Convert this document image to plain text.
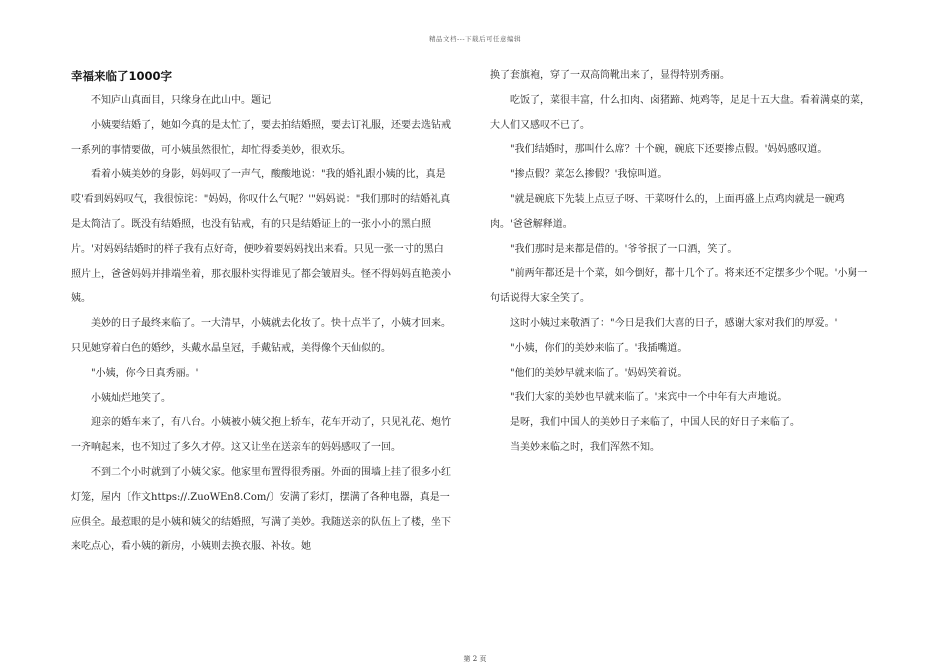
精品文档---下载后可任意编辑
幸福来临了1000字

不知庐山真面目，只缘身在此山中。题记

小姨要结婚了，她如今真的是太忙了，要去拍结婚照，要去订礼服，还要去选钻戒一系列的事情要做，可小姨虽然很忙，却忙得委美妙，很欢乐。

看着小姨美妙的身影，妈妈叹了一声气，酸酸地说："我的婚礼跟小姨的比，真是哎'看到妈妈叹气，我很惊诧："妈妈，你叹什么气呢？'"妈妈说："我们那时的结婚礼真是太简洁了。既没有结婚照，也没有钻戒，有的只是结婚证上的一张小小的黑白照片。'对妈妈结婚时的样子我有点好奇，便吵着要妈妈找出来看。只见一张一寸的黑白照片上，爸爸妈妈并排端坐着，那衣服朴实得谁见了都会皱眉头。怪不得妈妈直艳羡小姨。

美妙的日子最终来临了。一大清早，小姨就去化妆了。快十点半了，小姨才回来。只见她穿着白色的婚纱，头戴水晶皇冠，手戴钻戒，美得像个天仙似的。

"小姨，你今日真秀丽。'

小姨灿烂地笑了。

迎亲的婚车来了，有八台。小姨被小姨父抱上轿车，花车开动了，只见礼花、炮竹一齐响起来，也不知过了多久才停。这又让坐在送亲车的妈妈感叹了一回。

不到二个小时就到了小姨父家。他家里布置得很秀丽。外面的围墙上挂了很多小红灯笼，屋内〔作文https://.ZuoWEn8.Com/〕安满了彩灯，摆满了各种电器，真是一应俱全。最惹眼的是小姨和姨父的结婚照，写满了美妙。我随送亲的队伍上了楼，坐下来吃点心，看小姨的新房，小姨则去换衣服、补妆。她

换了套旗袍，穿了一双高筒靴出来了，显得特别秀丽。

吃饭了，菜很丰富，什么扣肉、卤猪蹄、炖鸡等，足足十五大盘。看着满桌的菜，大人们又感叹不已了。

"我们结婚时，那叫什么席？十个碗，碗底下还要掺点假。'妈妈感叹道。

"掺点假？菜怎么掺假？'我惊叫道。

"就是碗底下先装上点豆子呀、干菜呀什么的，上面再盛上点鸡肉就是一碗鸡肉。'爸爸解释道。

"我们那时是来都是借的。'爷爷抿了一口酒，笑了。

"前两年都还是十个菜，如今倒好，都十几个了。将来还不定摆多少个呢。'小舅一句话说得大家全笑了。

这时小姨过来敬酒了："今日是我们大喜的日子，感谢大家对我们的厚爱。'

"小姨，你们的美妙来临了。'我插嘴道。

"他们的美妙早就来临了。'妈妈笑着说。

"我们大家的美妙也早就来临了。'来宾中一个中年有大声地说。

是呀，我们中国人的美妙日子来临了，中国人民的好日子来临了。

当美妙来临之时，我们浑然不知。

第 2 页
